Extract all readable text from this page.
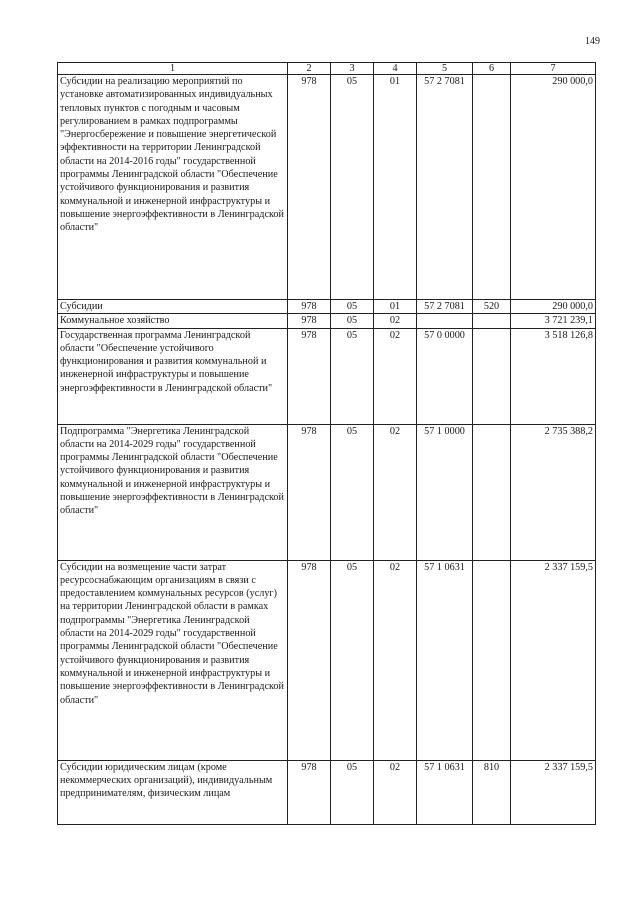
149
1	2	3	4	5	6	7
Субсидии на реализацию мероприятий по установке автоматизированных индивидуальных тепловых пунктов с погодным и часовым регулированием в рамках подпрограммы "Энергосбережение и повышение энергетической эффективности на территории Ленинградской области на 2014-2016 годы" государственной программы Ленинградской области "Обеспечение устойчивого функционирования и развития коммунальной и инженерной инфраструктуры и повышение энергоэффективности в Ленинградской области"	978	05	01	57 2 7081		290 000,0
Субсидии	978	05	01	57 2 7081	520	290 000,0
Коммунальное хозяйство	978	05	02			3 721 239,1
Государственная программа Ленинградской области "Обеспечение устойчивого функционирования и развития коммунальной и инженерной инфраструктуры и повышение энергоэффективности в Ленинградской области"	978	05	02	57 0 0000		3 518 126,8
Подпрограмма "Энергетика Ленинградской области на 2014-2029 годы" государственной программы Ленинградской области "Обеспечение устойчивого функционирования и развития коммунальной и инженерной инфраструктуры и повышение энергоэффективности в Ленинградской области"	978	05	02	57 1 0000		2 735 388,2
Субсидии на возмещение части затрат ресурсоснабжающим организациям в связи с предоставлением коммунальных ресурсов (услуг) на территории Ленинградской области в рамках подпрограммы "Энергетика Ленинградской области на 2014-2029 годы" государственной программы Ленинградской области "Обеспечение устойчивого функционирования и развития коммунальной и инженерной инфраструктуры и повышение энергоэффективности в Ленинградской области"	978	05	02	57 1 0631		2 337 159,5
Субсидии юридическим лицам (кроме некоммерческих организаций), индивидуальным предпринимателям, физическим лицам	978	05	02	57 1 0631	810	2 337 159,5
